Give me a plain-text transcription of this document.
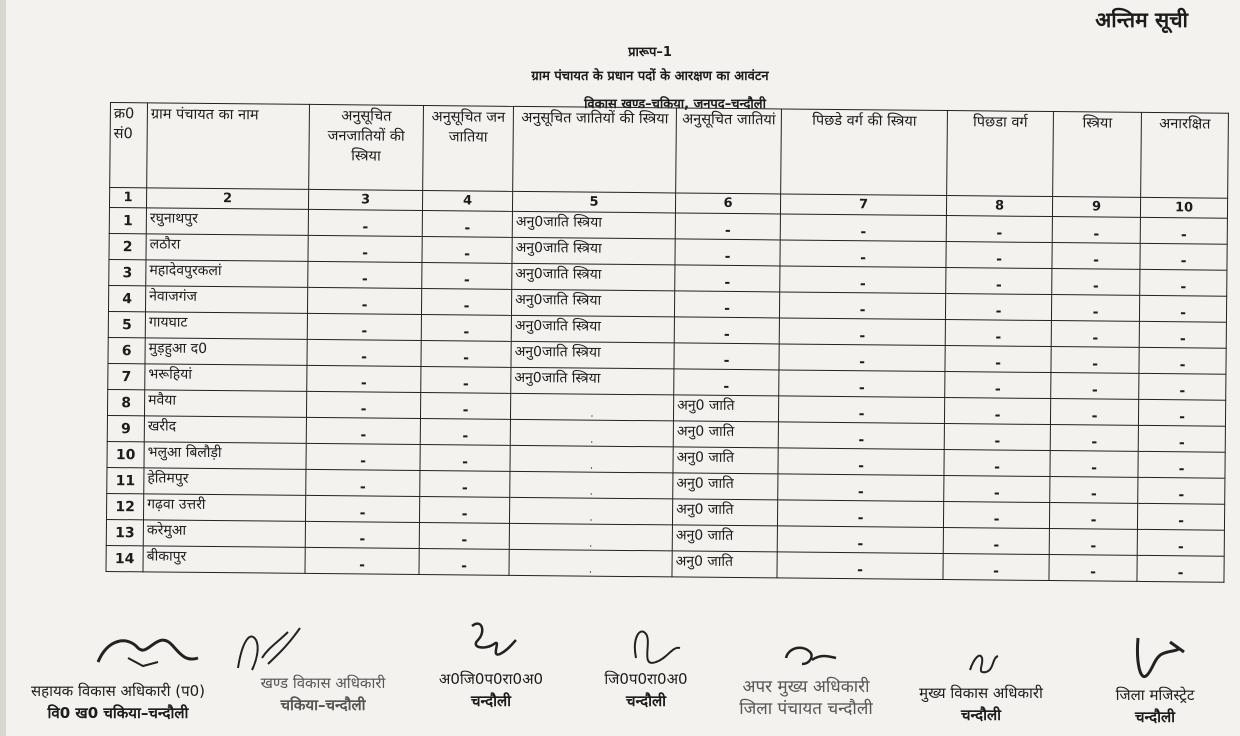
अन्तिम सूची
प्रारूप–1
ग्राम पंचायत के प्रधान पदों के आरक्षण का आवंटन
विकास खण्ड–चकिया, जनपद–चन्दौली
क्र0 सं0	ग्राम पंचायत का नाम	अनुसूचित जनजातियों की स्त्रिया	अनुसूचित जन जातिया	अनुसूचित जातियों की स्त्रिया	अनुसूचित जातियां	पिछडे वर्ग की स्त्रिया	पिछडा वर्ग	स्त्रिया	अनारक्षित
1	2	3	4	5	6	7	8	9	10
1	रघुनाथपुर	-	-	अनु0जाति स्त्रिया	-	-	-	-	-
2	लठौरा	-	-	अनु0जाति स्त्रिया	-	-	-	-	-
3	महादेवपुरकलां	-	-	अनु0जाति स्त्रिया	-	-	-	-	-
4	नेवाजगंज	-	-	अनु0जाति स्त्रिया	-	-	-	-	-
5	गायघाट	-	-	अनु0जाति स्त्रिया	-	-	-	-	-
6	मुड़हुआ द0	-	-	अनु0जाति स्त्रिया	-	-	-	-	-
7	भरूहियां	-	-	अनु0जाति स्त्रिया	-	-	-	-	-
8	मवैया	-	-	.	अनु0 जाति	-	-	-	-
9	खरीद	-	-	.	अनु0 जाति	-	-	-	-
10	भलुआ बिलौड़ी	-	-	.	अनु0 जाति	-	-	-	-
11	हेतिमपुर	-	-	.	अनु0 जाति	-	-	-	-
12	गढ़वा उत्तरी	-	-	.	अनु0 जाति	-	-	-	-
13	करेमुआ	-	-	.	अनु0 जाति	-	-	-	-
14	बीकापुर	-	-	.	अनु0 जाति	-	-	-	-
सहायक विकास अधिकारी (प0)
वि0 ख0 चकिया–चन्दौली
खण्ड विकास अधिकारी
चकिया–चन्दौली
अ0जि0प0रा0अ0
चन्दौली
जि0प0रा0अ0
चन्दौली
अपर मुख्य अधिकारी
जिला पंचायत चन्दौली
मुख्य विकास अधिकारी
चन्दौली
जिला मजिस्ट्रेट
चन्दौली
